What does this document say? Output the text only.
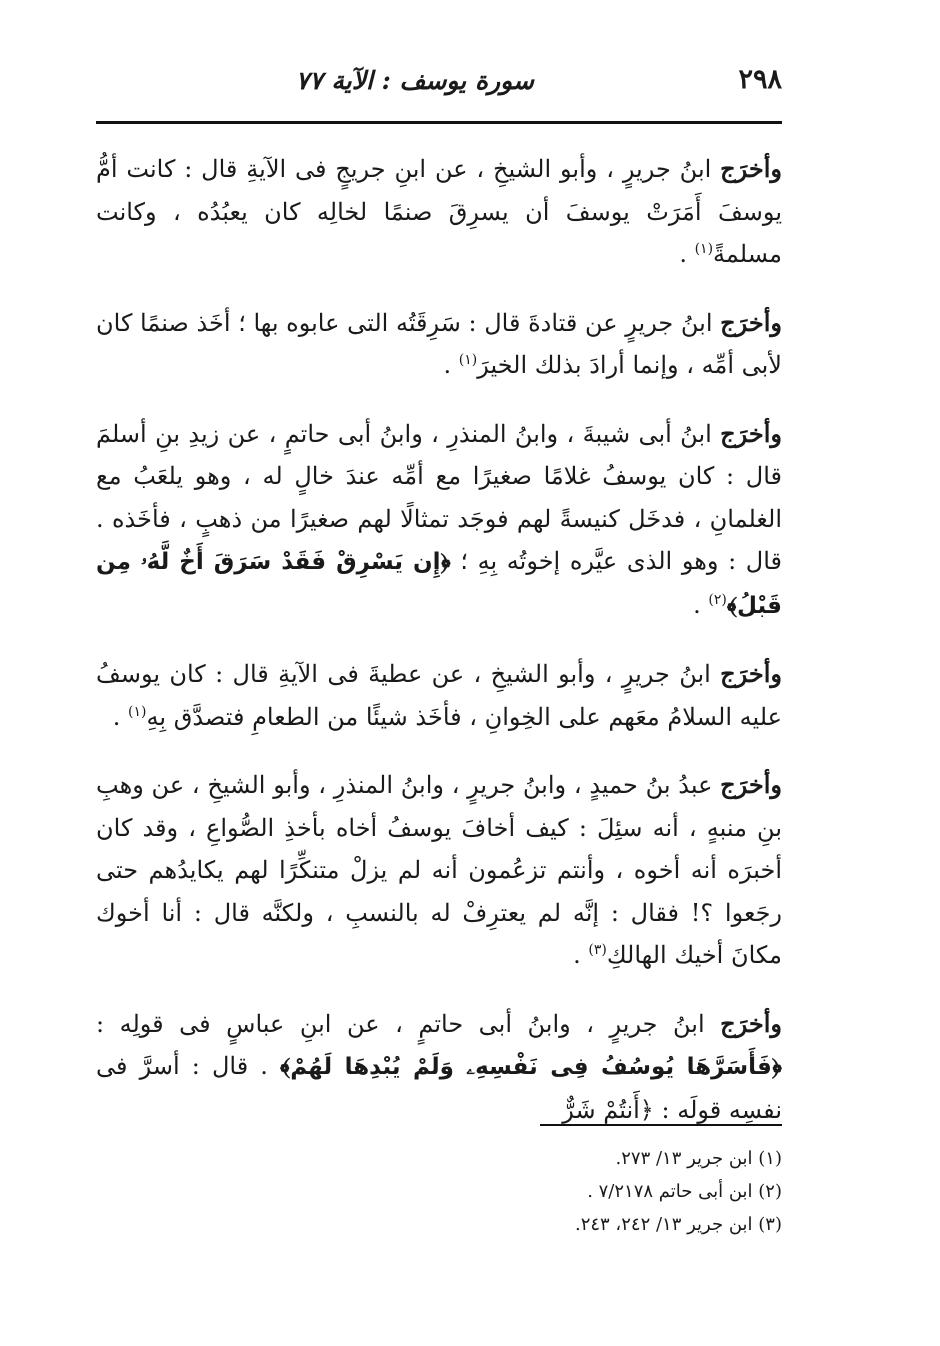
٢٩٨
سورة يوسف : الآية ٧٧

وأخرَج ابنُ جريرٍ ، وأبو الشيخِ ، عن ابنِ جريجٍ فى الآيةِ قال : كانت أمُّ يوسفَ أَمَرَتْ يوسفَ أن يسرِقَ صنمًا لخالِه كان يعبُدُه ، وكانت مسلمةً$^{(١)}$ .

وأخرَج ابنُ جريرٍ عن قتادةَ قال : سَرِقَتُه التى عابوه بها ؛ أخَذ صنمًا كان لأبى أمِّه ، وإنما أرادَ بذلك الخيرَ$^{(١)}$ .

وأخرَج ابنُ أبى شيبةَ ، وابنُ المنذرِ ، وابنُ أبى حاتمٍ ، عن زيدِ بنِ أسلمَ قال : كان يوسفُ غلامًا صغيرًا مع أمِّه عندَ خالٍ له ، وهو يلعَبُ مع الغلمانِ ، فدخَل كنيسةً لهم فوجَد تمثالًا لهم صغيرًا من ذهبٍ ، فأخَذه . قال : وهو الذى عيَّره إخوتُه بِهِ ؛ ﴿إِن يَسْرِقْ فَقَدْ سَرَقَ أَخٌ لَّهُۥ مِن قَبْلُ﴾$^{(٢)}$ .

وأخرَج ابنُ جريرٍ ، وأبو الشيخِ ، عن عطيةَ فى الآيةِ قال : كان يوسفُ عليه السلامُ معَهم على الخِوانِ ، فأخَذ شيئًا من الطعامِ فتصدَّق بِهِ$^{(١)}$ .

وأخرَج عبدُ بنُ حميدٍ ، وابنُ جريرٍ ، وابنُ المنذرِ ، وأبو الشيخِ ، عن وهبِ بنِ منبهٍ ، أنه سئِلَ : كيف أخافَ يوسفُ أخاه بأخذِ الصُّواعِ ، وقد كان أخبرَه أنه أخوه ، وأنتم تزعُمون أنه لم يزلْ متنكِّرًا لهم يكايدُهم حتى رجَعوا ؟! فقال : إنَّه لم يعترِفْ له بالنسبِ ، ولكنَّه قال : أنا أخوك مكانَ أخيك الهالكِ$^{(٣)}$ .

وأخرَج ابنُ جريرٍ ، وابنُ أبى حاتمٍ ، عن ابنِ عباسٍ فى قولِه : ﴿فَأَسَرَّهَا يُوسُفُ فِى نَفْسِهِۦ وَلَمْ يُبْدِهَا لَهُمْ﴾ . قال : أسرَّ فى نفسِه قولَه : ﴿أَنتُمْ شَرٌّ

(١) ابن جرير ١٣/ ٢٧٣.

(٢) ابن أبى حاتم ٧/٢١٧٨ .

(٣) ابن جرير ١٣/ ٢٤٢، ٢٤٣.
